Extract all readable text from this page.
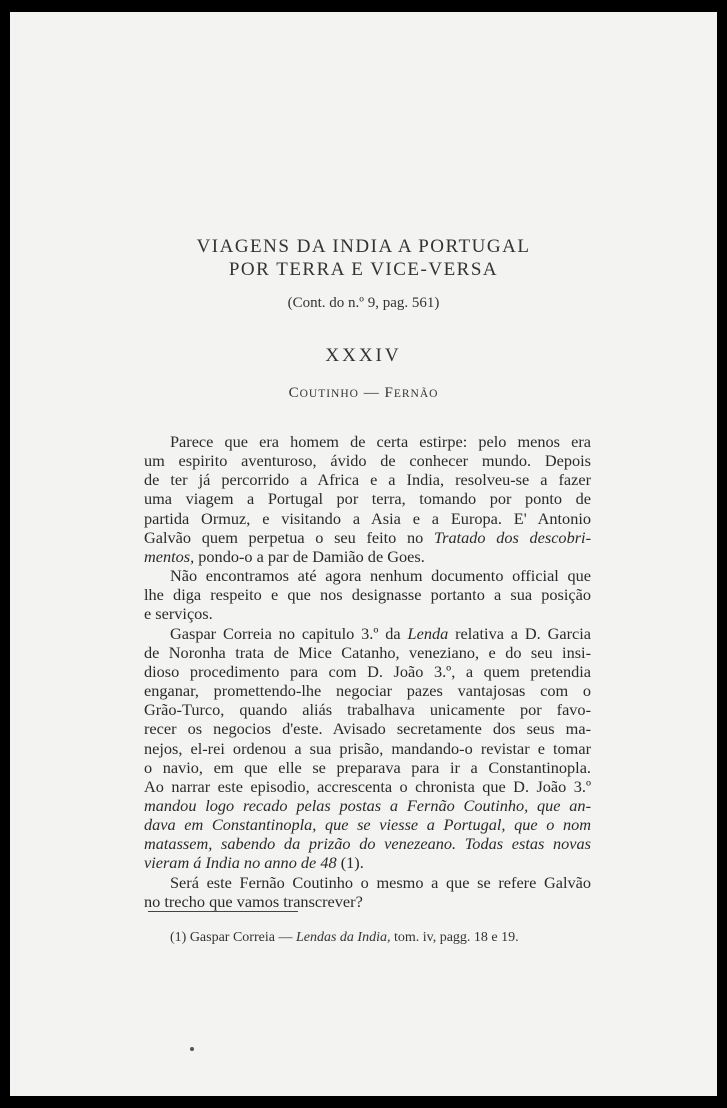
VIAGENS DA INDIA A PORTUGAL
POR TERRA E VICE-VERSA
(Cont. do n.º 9, pag. 561)
XXXIV
COUTINHO — FERNÃO
Parece que era homem de certa estirpe: pelo menos era
um espirito aventuroso, ávido de conhecer mundo. Depois
de ter já percorrido a Africa e a India, resolveu-se a fazer
uma viagem a Portugal por terra, tomando por ponto de
partida Ormuz, e visitando a Asia e a Europa. E' Antonio
Galvão quem perpetua o seu feito no Tratado dos descobri-
mentos, pondo-o a par de Damião de Goes.
Não encontramos até agora nenhum documento official que
lhe diga respeito e que nos designasse portanto a sua posição
e serviços.
Gaspar Correia no capitulo 3.º da Lenda relativa a D. Garcia
de Noronha trata de Mice Catanho, veneziano, e do seu insi-
dioso procedimento para com D. João 3.º, a quem pretendia
enganar, promettendo-lhe negociar pazes vantajosas com o
Grão-Turco, quando aliás trabalhava unicamente por favo-
recer os negocios d'este. Avisado secretamente dos seus ma-
nejos, el-rei ordenou a sua prisão, mandando-o revistar e tomar
o navio, em que elle se preparava para ir a Constantinopla.
Ao narrar este episodio, accrescenta o chronista que D. João 3.º
mandou logo recado pelas postas a Fernão Coutinho, que an-
dava em Constantinopla, que se viesse a Portugal, que o nom
matassem, sabendo da prizão do venezeano. Todas estas novas
vieram á India no anno de 48 (1).
Será este Fernão Coutinho o mesmo a que se refere Galvão
no trecho que vamos transcrever?
(1) Gaspar Correia — Lendas da India, tom. iv, pagg. 18 e 19.
